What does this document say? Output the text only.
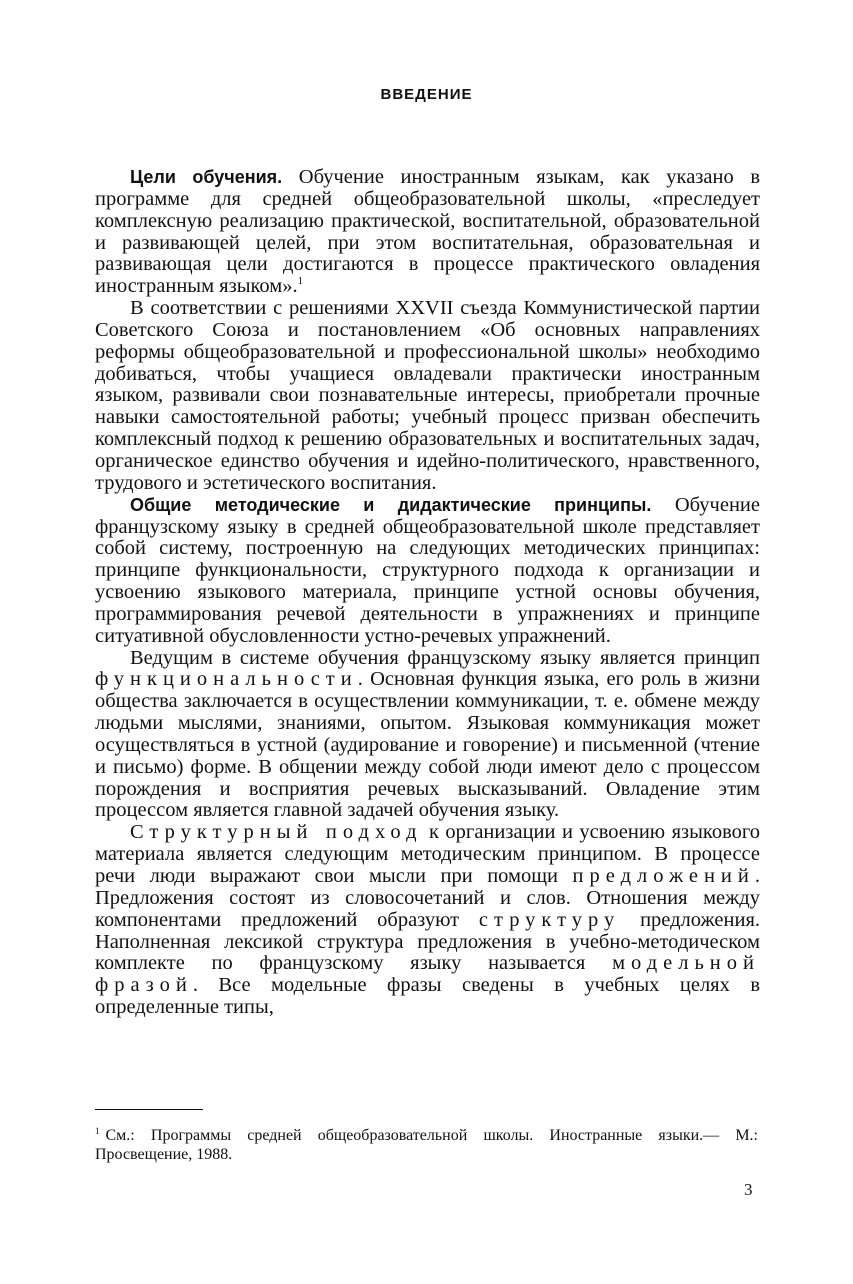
ВВЕДЕНИЕ

Цели обучения. Обучение иностранным языкам, как указано в программе для средней общеобразовательной школы, «преследует комплексную реализацию практической, воспитательной, образовательной и развивающей целей, при этом воспитательная, образовательная и развивающая цели достигаются в процессе практического овладения иностранным языком».$^1$

В соответствии с решениями XXVII съезда Коммунистической партии Советского Союза и постановлением «Об основных направлениях реформы общеобразовательной и профессиональной школы» необходимо добиваться, чтобы учащиеся овладевали практически иностранным языком, развивали свои познавательные интересы, приобретали прочные навыки самостоятельной работы; учебный процесс призван обеспечить комплексный подход к решению образовательных и воспитательных задач, органическое единство обучения и идейно-политического, нравственного, трудового и эстетического воспитания.

Общие методические и дидактические принципы. Обучение французскому языку в средней общеобразовательной школе представляет собой систему, построенную на следующих методических принципах: принципе функциональности, структурного подхода к организации и усвоению языкового материала, принципе устной основы обучения, программирования речевой деятельности в упражнениях и принципе ситуативной обусловленности устно-речевых упражнений.

Ведущим в системе обучения французскому языку является принцип функциональности. Основная функция языка, его роль в жизни общества заключается в осуществлении коммуникации, т. е. обмене между людьми мыслями, знаниями, опытом. Языковая коммуникация может осуществляться в устной (аудирование и говорение) и письменной (чтение и письмо) форме. В общении между собой люди имеют дело с процессом порождения и восприятия речевых высказываний. Овладение этим процессом является главной задачей обучения языку.

Структурный подход к организации и усвоению языкового материала является следующим методическим принципом. В процессе речи люди выражают свои мысли при помощи предложений. Предложения состоят из словосочетаний и слов. Отношения между компонентами предложений образуют структуру предложения. Наполненная лексикой структура предложения в учебно-методическом комплекте по французскому языку называется модельной фразой. Все модельные фразы сведены в учебных целях в определенные типы,

$^1$ См.: Программы средней общеобразовательной школы. Иностранные языки.— М.: Просвещение, 1988.
3
